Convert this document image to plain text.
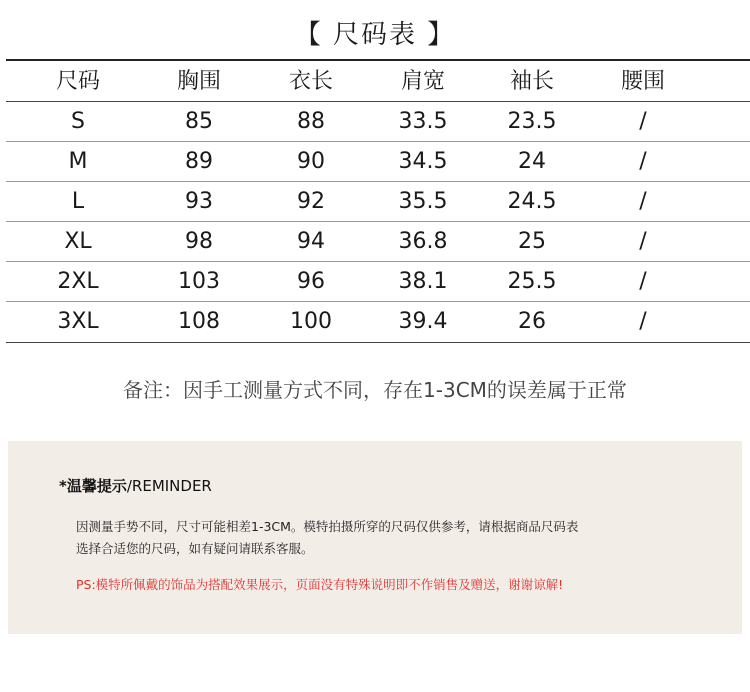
【 尺码表 】
尺码	胸围	衣长	肩宽	袖长	腰围
S	85	88	33.5	23.5	/
M	89	90	34.5	24	/
L	93	92	35.5	24.5	/
XL	98	94	36.8	25	/
2XL	103	96	38.1	25.5	/
3XL	108	100	39.4	26	/
备注：因手工测量方式不同，存在1-3CM的误差属于正常
*温馨提示/REMINDER
因测量手势不同，尺寸可能相差1-3CM。模特拍摄所穿的尺码仅供参考，请根据商品尺码表
选择合适您的尺码，如有疑问请联系客服。
PS:模特所佩戴的饰品为搭配效果展示，页面没有特殊说明即不作销售及赠送，谢谢谅解!
